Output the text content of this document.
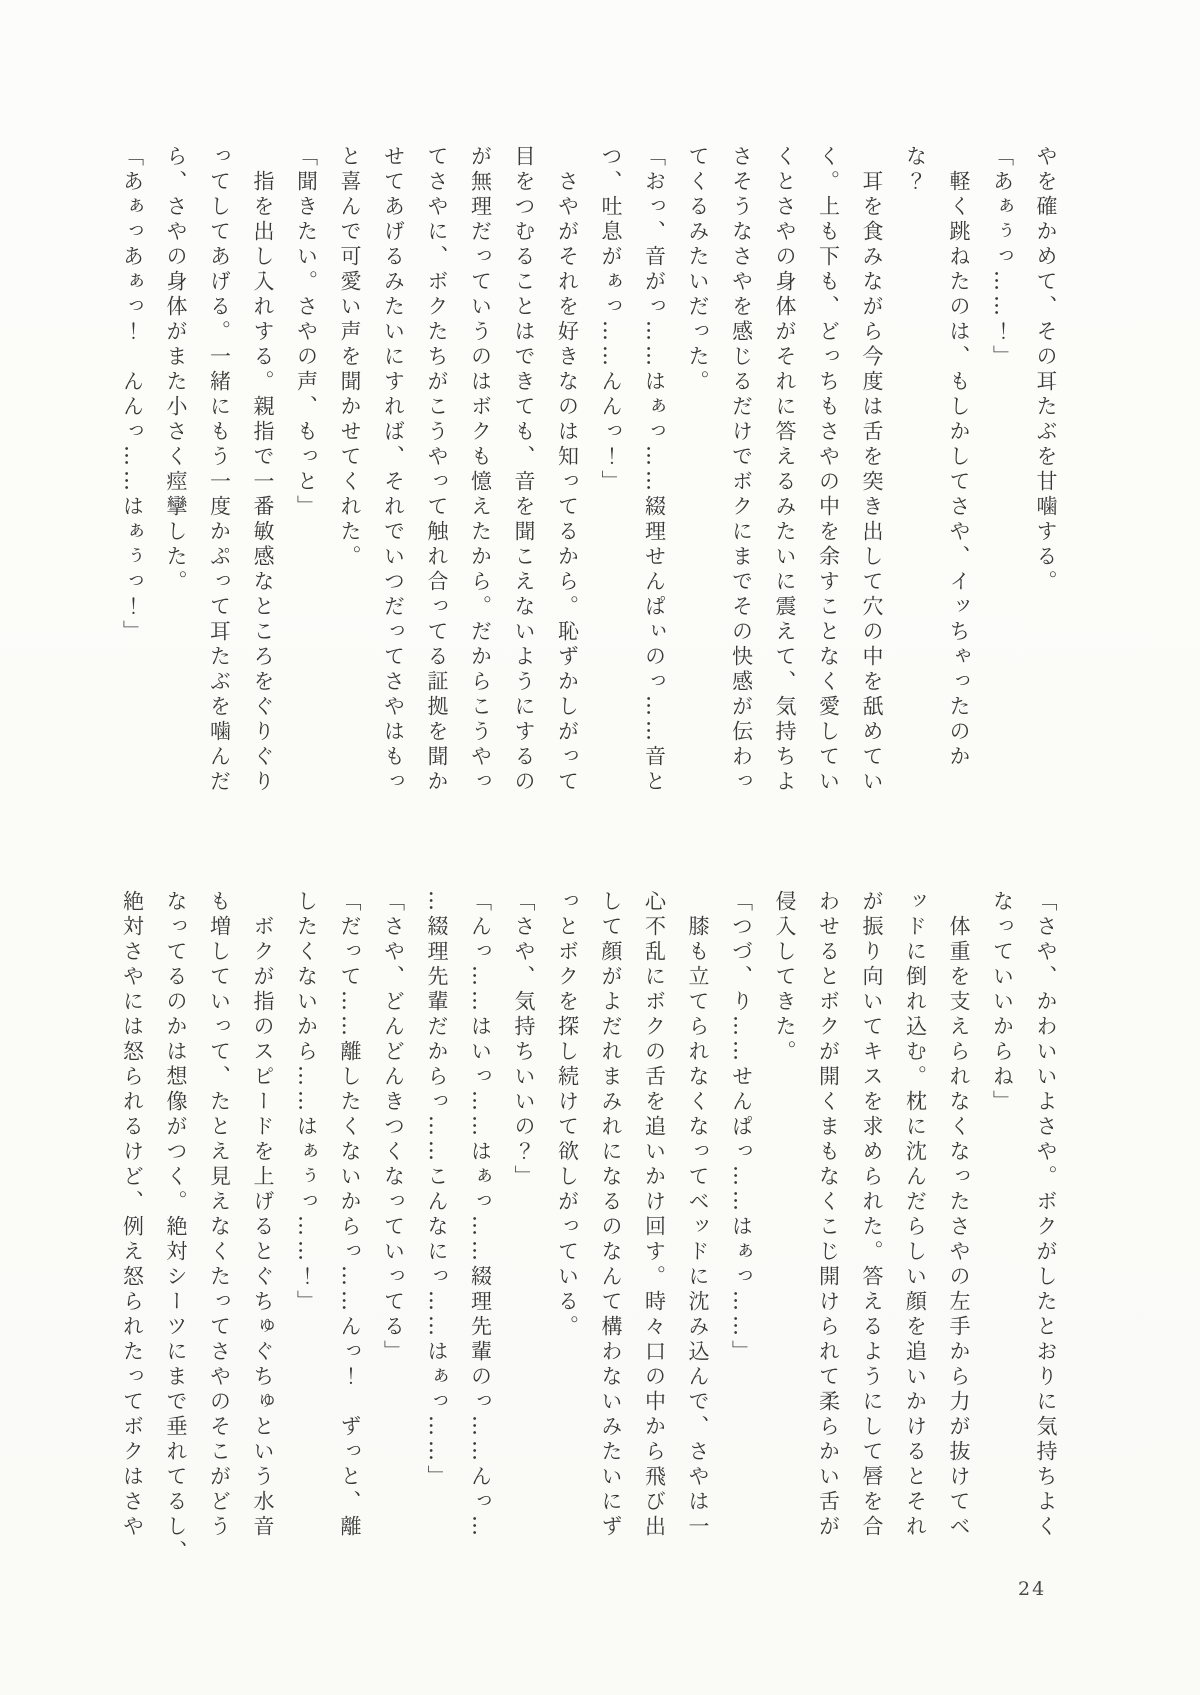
やを確かめて、その耳たぶを甘噛する。
「あぁぅっ……！」
軽く跳ねたのは、もしかしてさや、イッちゃったのか
な？
耳を食みながら今度は舌を突き出して穴の中を舐めてい
く。上も下も、どっちもさやの中を余すことなく愛してい
くとさやの身体がそれに答えるみたいに震えて、気持ちよ
さそうなさやを感じるだけでボクにまでその快感が伝わっ
てくるみたいだった。
「おっ、音がっ……はぁっ……綴理せんぱぃのっ……音と
つ、吐息がぁっ……んんっ！」
さやがそれを好きなのは知ってるから。恥ずかしがって
目をつむることはできても、音を聞こえないようにするの
が無理だっていうのはボクも憶えたから。だからこうやっ
てさやに、ボクたちがこうやって触れ合ってる証拠を聞か
せてあげるみたいにすれば、それでいつだってさやはもっ
と喜んで可愛い声を聞かせてくれた。
「聞きたい。さやの声、もっと」
指を出し入れする。親指で一番敏感なところをぐりぐり
ってしてあげる。一緒にもう一度かぷって耳たぶを噛んだ
ら、さやの身体がまた小さく痙攣した。
「あぁっあぁっ！　んんっ……はぁぅっ！」
「さや、かわいいよさや。ボクがしたとおりに気持ちよく
なっていいからね」
体重を支えられなくなったさやの左手から力が抜けてベ
ッドに倒れ込む。枕に沈んだらしい顔を追いかけるとそれ
が振り向いてキスを求められた。答えるようにして唇を合
わせるとボクが開くまもなくこじ開けられて柔らかい舌が
侵入してきた。
「つづ、り……せんぱっ……はぁっ……」
膝も立てられなくなってベッドに沈み込んで、さやは一
心不乱にボクの舌を追いかけ回す。時々口の中から飛び出
して顔がよだれまみれになるのなんて構わないみたいにず
っとボクを探し続けて欲しがっている。
「さや、気持ちいいの？」
「んっ……はいっ……はぁっ……綴理先輩のっ……んっ…
…綴理先輩だからっ……こんなにっ……はぁっ……」
「さや、どんどんきつくなっていってる」
「だって……離したくないからっ……んっ！　ずっと、離
したくないから……はぁぅっ……！」
ボクが指のスピードを上げるとぐちゅぐちゅという水音
も増していって、たとえ見えなくたってさやのそこがどう
なってるのかは想像がつく。絶対シーツにまで垂れてるし、
絶対さやには怒られるけど、例え怒られたってボクはさや
24
